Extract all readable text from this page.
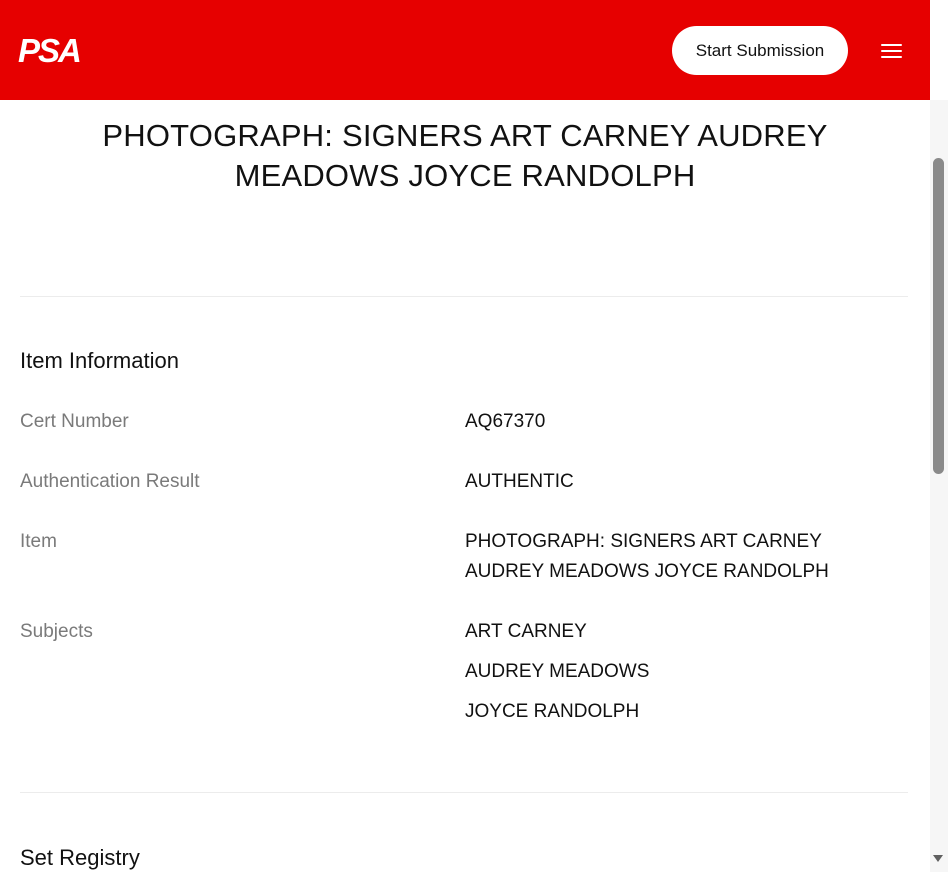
PSA	Start Submission
PHOTOGRAPH: SIGNERS ART CARNEY AUDREY MEADOWS JOYCE RANDOLPH
Item Information
Cert Number	AQ67370
Authentication Result	AUTHENTIC
Item	PHOTOGRAPH: SIGNERS ART CARNEY AUDREY MEADOWS JOYCE RANDOLPH
Subjects	ART CARNEY
AUDREY MEADOWS
JOYCE RANDOLPH
Set Registry
